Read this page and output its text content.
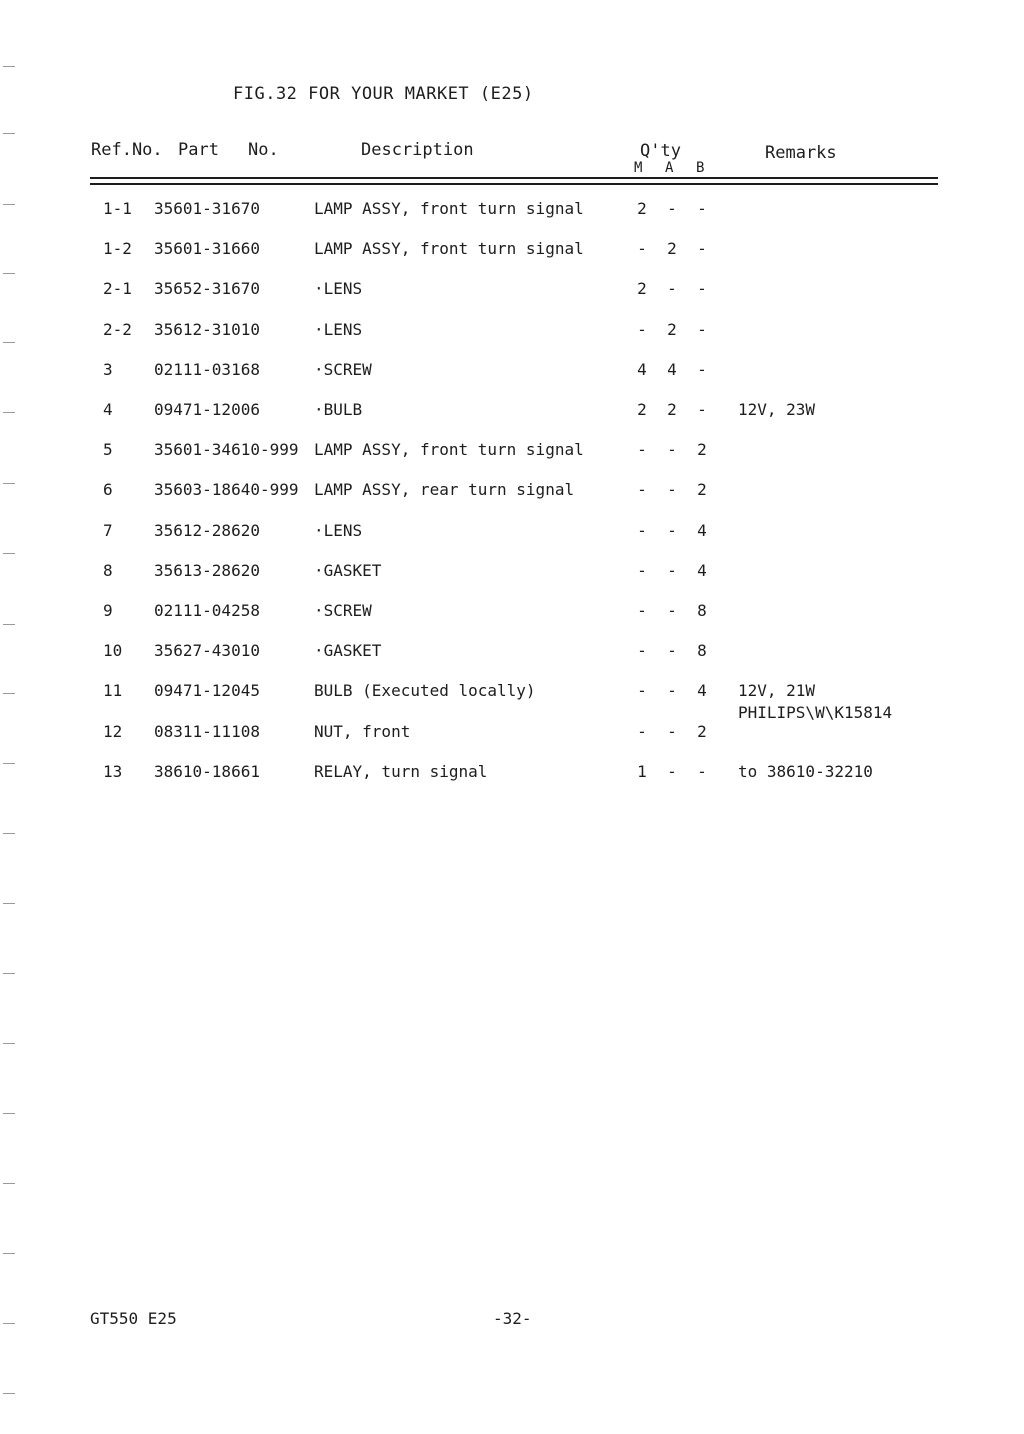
FIG.32 FOR YOUR MARKET (E25)
Ref.No. Part No.	Description	Q'ty
M A B
Remarks
1-1 35601-31670	LAMP ASSY, front turn signal	2 - -
1-2 35601-31660	LAMP ASSY, front turn signal	- 2 -
2-1 35652-31670	·LENS	2 - -
2-2 35612-31010	·LENS	- 2 -
3	02111-03168	·SCREW	4 4 -
4	09471-12006	·BULB	2 2 - 12V, 23W
5	35601-34610-999 LAMP ASSY, front turn signal	- - 2
6	35603-18640-999 LAMP ASSY, rear turn signal	- - 2
7	35612-28620	·LENS	- - 4
8	35613-28620	·GASKET	- - 4
9	02111-04258	·SCREW	- - 8
10 35627-43010	·GASKET	- - 8
11 09471-12045	BULB (Executed locally)	- - 4 12V, 21W
PHILIPS\W\K15814
12 08311-11108	NUT, front	- - 2
13 38610-18661	RELAY, turn signal	1 - - to 38610-32210
GT550 E25	-32-
